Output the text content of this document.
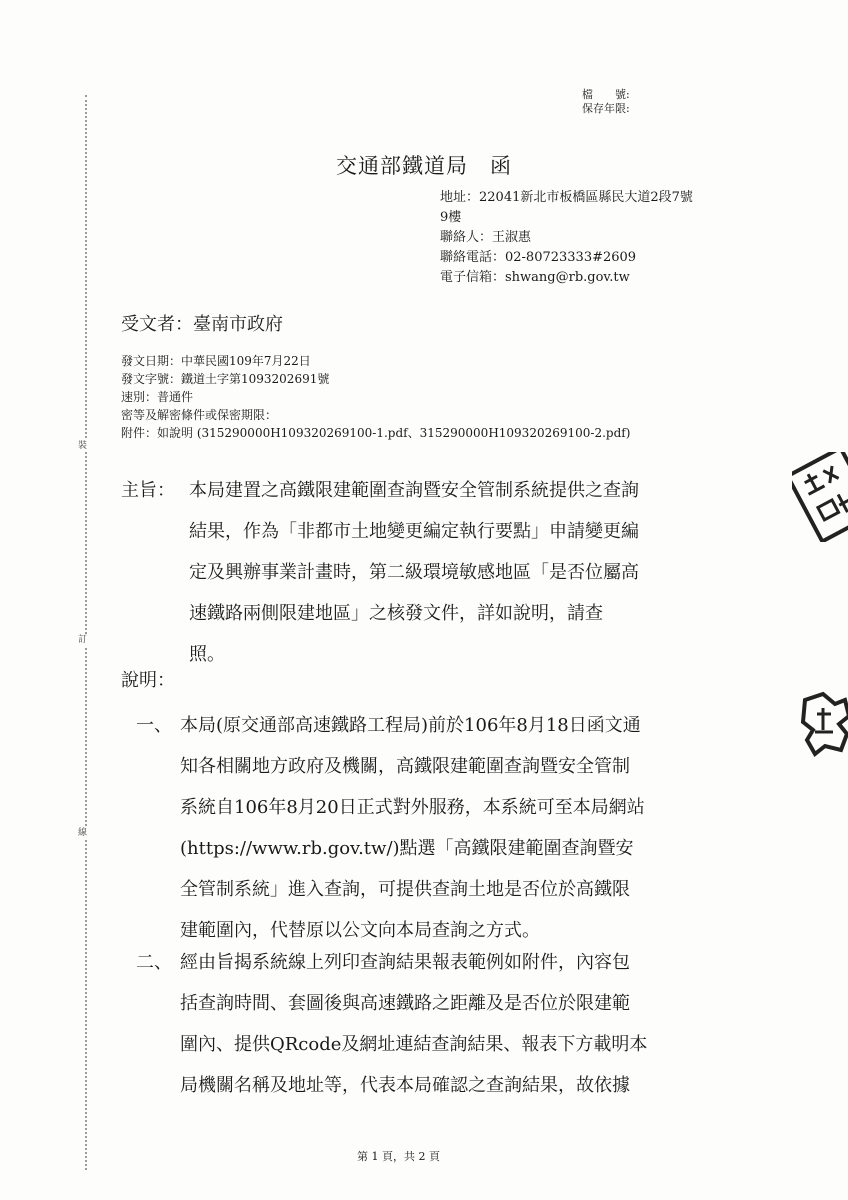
裝
訂
線
檔　　號:
保存年限:
交通部鐵道局　函
地址：22041新北市板橋區縣民大道2段7號
9樓
聯絡人：王淑惠
聯絡電話：02-80723333#2609
電子信箱：shwang@rb.gov.tw
受文者：臺南市政府
發文日期：中華民國109年7月22日
發文字號：鐵道土字第1093202691號
速別：普通件
密等及解密條件或保密期限：
附件：如說明 (315290000H109320269100-1.pdf、315290000H109320269100-2.pdf)
主旨： 本局建置之高鐵限建範圍查詢暨安全管制系統提供之查詢
結果，作為「非都市土地變更編定執行要點」申請變更編
定及興辦事業計畫時，第二級環境敏感地區「是否位屬高
速鐵路兩側限建地區」之核發文件，詳如說明，請查
照。
說明：
一、 本局(原交通部高速鐵路工程局)前於106年8月18日函文通
知各相關地方政府及機關，高鐵限建範圍查詢暨安全管制
系統自106年8月20日正式對外服務，本系統可至本局網站
(https://www.rb.gov.tw/)點選「高鐵限建範圍查詢暨安
全管制系統」進入查詢，可提供查詢土地是否位於高鐵限
建範圍內，代替原以公文向本局查詢之方式。
二、 經由旨揭系統線上列印查詢結果報表範例如附件，內容包
括查詢時間、套圖後與高速鐵路之距離及是否位於限建範
圍內、提供QRcode及網址連結查詢結果、報表下方載明本
局機關名稱及地址等，代表本局確認之查詢結果，故依據
第 1 頁，共 2 頁
